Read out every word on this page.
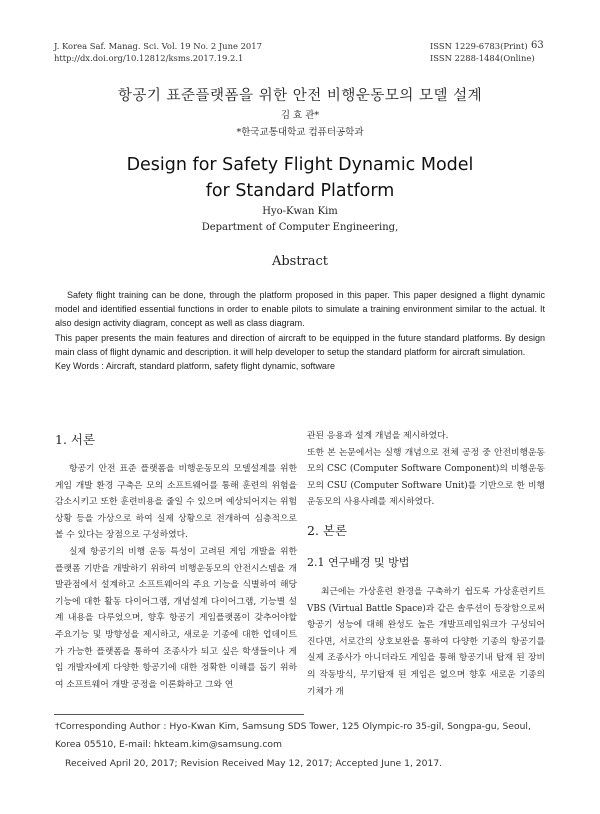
J. Korea Saf. Manag. Sci. Vol. 19 No. 2 June 2017
http://dx.doi.org/10.12812/ksms.2017.19.2.1
ISSN 1229-6783(Print)
ISSN 2288-1484(Online)
63
항공기 표준플랫폼을 위한 안전 비행운동모의 모델 설계
김 효 관*
*한국교통대학교 컴퓨터공학과
Design for Safety Flight Dynamic Model
for Standard Platform
Hyo-Kwan Kim
Department of Computer Engineering,
Abstract

Safety flight training can be done, through the platform proposed in this paper. This paper designed a flight dynamic model and identified essential functions in order to enable pilots to simulate a training environment similar to the actual. It also design activity diagram, concept as well as class diagram.

This paper presents the main features and direction of aircraft to be equipped in the future standard platforms. By design main class of flight dynamic and description. it will help developer to setup the standard platform for aircraft simulation.

Key Words : Aircraft, standard platform, safety flight dynamic, software

1. 서론

항공기 안전 표준 플랫폼을 비행운동모의 모델설계를 위한 게임 개발 환경 구축은 모의 소프트웨어를 통해 훈련의 위험을 감소시키고 또한 훈련비용을 줄일 수 있으며 예상되어지는 위험 상황 등을 가상으로 하여 실제 상황으로 전개하여 심층적으로 볼 수 있다는 장점으로 구성하였다.

실제 항공기의 비행 운동 특성이 고려된 게임 개발을 위한 플랫폼 기반을 개발하기 위하여 비행운동모의 안전시스템을 개발관점에서 설계하고 소프트웨어의 주요 기능을 식별하여 해당 기능에 대한 활동 다이어그램, 개념설계 다이어그램, 기능별 설계 내용을 다루었으며, 향후 항공기 게임플랫폼이 갖추어야할 주요기능 및 방향성을 제시하고, 새로운 기종에 대한 업데이트가 가능한 플랫폼을 통하여 조종사가 되고 싶은 학생들이나 게임 개발자에게 다양한 항공기에 대한 정확한 이해를 돕기 위하여 소프트웨어 개발 공정을 이론화하고 그와 연

관된 응용과 설계 개념을 제시하였다.

또한 본 논문에서는 실행 개념으로 전체 공정 중 안전비행운동모의 CSC (Computer Software Component)의 비행운동모의 CSU (Computer Software Unit)를 기반으로 한 비행운동모의 사용사례를 제시하였다.

2. 본론
2.1 연구배경 및 방법

최근에는 가상훈련 환경을 구축하기 쉽도록 가상훈련키트 VBS (Virtual Battle Space)과 같은 솔루션이 등장함으로써 항공기 성능에 대해 완성도 높은 개발프레임워크가 구성되어 진다면, 서로간의 상호보완을 통하여 다양한 기종의 항공기를 실제 조종사가 아니더라도 게임을 통해 항공기내 탑재 된 장비의 작동방식, 무기탑재 된 게임은 없으며 향후 새로운 기종의 기체가 개

†Corresponding Author : Hyo-Kwan Kim, Samsung SDS Tower, 125 Olympic-ro 35-gil, Songpa-gu, Seoul, Korea 05510, E-mail: hkteam.kim@samsung.com

Received April 20, 2017; Revision Received May 12, 2017; Accepted June 1, 2017.
